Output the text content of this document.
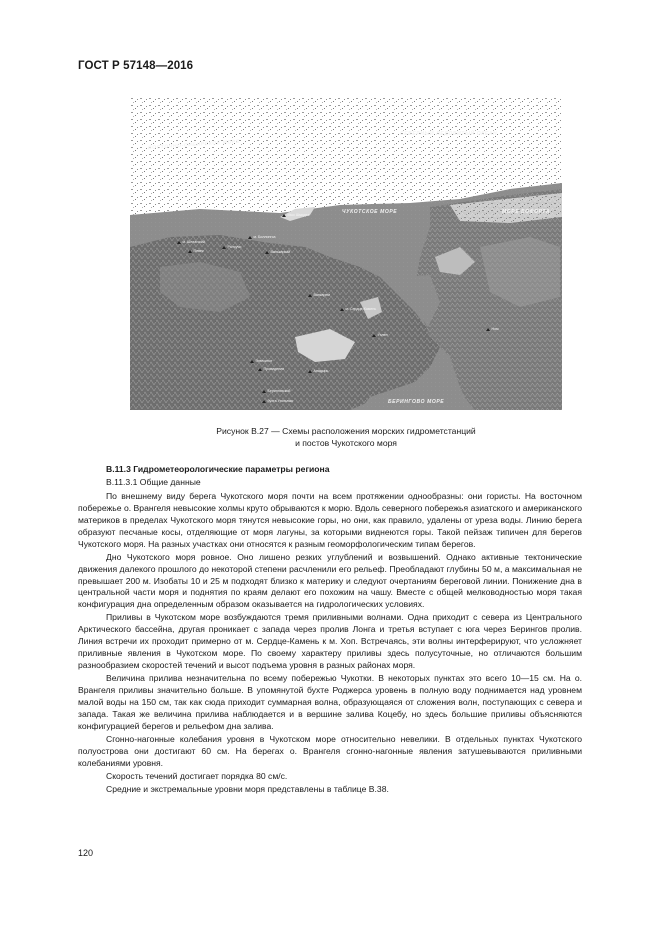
ГОСТ Р 57148—2016
СЕВЕРНЫЙ ЛЕДОВИТЫЙ ОКЕАН
ВОСТОЧНО-СИБИРСКОЕ МОРЕ
ЧУКОТСКОЕ МОРЕ	МОРЕ БОФОРТА
БЕРИНГОВО МОРЕ
м. Шелагский
Певек
Рыткучи
м. Биллингса
Валькаркай
Мыс Шмидта
Ванкарем
м. Сердце-Камень
Уэлен
Ном
Эгвекинот
Провидения	Анадырь
Беринговский
бухта Угольная
Рисунок В.27 — Схемы расположения морских гидрометстанций
и постов Чукотского моря
В.11.3 Гидрометеорологические параметры региона
В.11.3.1 Общие данные

По внешнему виду берега Чукотского моря почти на всем протяжении однообразны: они гористы. На восточном побережье о. Врангеля невысокие холмы круто обрываются к морю. Вдоль северного побережья азиатского и американского материков в пределах Чукотского моря тянутся невысокие горы, но они, как правило, удалены от уреза воды. Линию берега образуют песчаные косы, отделяющие от моря лагуны, за которыми виднеются горы. Такой пейзаж типичен для берегов Чукотского моря. На разных участках они относятся к разным геоморфологическим типам берегов.

Дно Чукотского моря ровное. Оно лишено резких углублений и возвышений. Однако активные тектонические движения далекого прошлого до некоторой степени расчленили его рельеф. Преобладают глубины 50 м, а максимальная не превышает 200 м. Изобаты 10 и 25 м подходят близко к материку и следуют очертаниям береговой линии. Понижение дна в центральной части моря и поднятия по краям делают его похожим на чашу. Вместе с общей мелководностью моря такая конфигурация дна определенным образом оказывается на гидрологических условиях.

Приливы в Чукотском море возбуждаются тремя приливными волнами. Одна приходит с севера из Центрального Арктического бассейна, другая проникает с запада через пролив Лонга и третья вступает с юга через Берингов пролив. Линия встречи их проходит примерно от м. Сердце-Камень к м. Хоп. Встречаясь, эти волны интерферируют, что усложняет приливные явления в Чукотском море. По своему характеру приливы здесь полусуточные, но отличаются большим разнообразием скоростей течений и высот подъема уровня в разных районах моря.

Величина прилива незначительна по всему побережью Чукотки. В некоторых пунктах это всего 10—15 см. На о. Врангеля приливы значительно больше. В упомянутой бухте Роджерса уровень в полную воду поднимается над уровнем малой воды на 150 см, так как сюда приходит суммарная волна, образующаяся от сложения волн, поступающих с севера и запада. Такая же величина прилива наблюдается и в вершине залива Коцебу, но здесь большие приливы объясняются конфигурацией берегов и рельефом дна залива.

Сгонно-нагонные колебания уровня в Чукотском море относительно невелики. В отдельных пунктах Чукотского полуострова они достигают 60 см. На берегах о. Врангеля сгонно-нагонные явления затушевываются приливными колебаниями уровня.

Скорость течений достигает порядка 80 см/с.

Средние и экстремальные уровни моря представлены в таблице В.38.

120
